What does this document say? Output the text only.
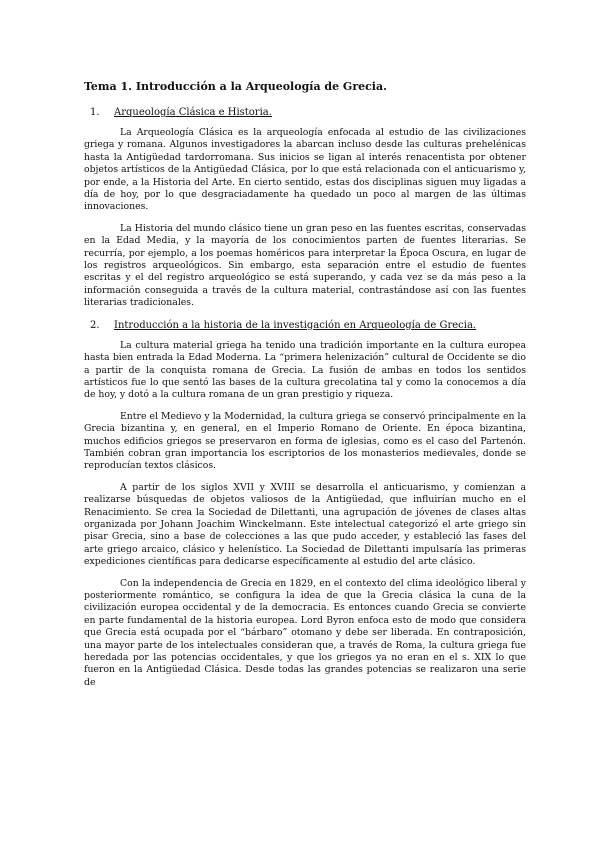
Tema 1. Introducción a la Arqueología de Grecia.
1.	Arqueología Clásica e Historia.

La Arqueología Clásica es la arqueología enfocada al estudio de las civilizaciones griega y romana. Algunos investigadores la abarcan incluso desde las culturas prehelénicas hasta la Antigüedad tardorromana. Sus inicios se ligan al interés renacentista por obtener objetos artísticos de la Antigüedad Clásica, por lo que está relacionada con el anticuarismo y, por ende, a la Historia del Arte. En cierto sentido, estas dos disciplinas siguen muy ligadas a día de hoy, por lo que desgraciadamente ha quedado un poco al margen de las últimas innovaciones.

La Historia del mundo clásico tiene un gran peso en las fuentes escritas, conservadas en la Edad Media, y la mayoría de los conocimientos parten de fuentes literarias. Se recurría, por ejemplo, a los poemas homéricos para interpretar la Época Oscura, en lugar de los registros arqueológicos. Sin embargo, esta separación entre el estudio de fuentes escritas y el del registro arqueológico se está superando, y cada vez se da más peso a la información conseguida a través de la cultura material, contrastándose así con las fuentes literarias tradicionales.

2.	Introducción a la historia de la investigación en Arqueología de Grecia.

La cultura material griega ha tenido una tradición importante en la cultura europea hasta bien entrada la Edad Moderna. La “primera helenización” cultural de Occidente se dio a partir de la conquista romana de Grecia. La fusión de ambas en todos los sentidos artísticos fue lo que sentó las bases de la cultura grecolatina tal y como la conocemos a día de hoy, y dotó a la cultura romana de un gran prestigio y riqueza.

Entre el Medievo y la Modernidad, la cultura griega se conservó principalmente en la Grecia bizantina y, en general, en el Imperio Romano de Oriente. En época bizantina, muchos edificios griegos se preservaron en forma de iglesias, como es el caso del Partenón. También cobran gran importancia los escriptorios de los monasterios medievales, donde se reproducían textos clásicos.

A partir de los siglos XVII y XVIII se desarrolla el anticuarismo, y comienzan a realizarse búsquedas de objetos valiosos de la Antigüedad, que influirían mucho en el Renacimiento. Se crea la Sociedad de Dilettanti, una agrupación de jóvenes de clases altas organizada por Johann Joachim Winckelmann. Este intelectual categorizó el arte griego sin pisar Grecia, sino a base de colecciones a las que pudo acceder, y estableció las fases del arte griego arcaico, clásico y helenístico. La Sociedad de Dilettanti impulsaría las primeras expediciones científicas para dedicarse específicamente al estudio del arte clásico.

Con la independencia de Grecia en 1829, en el contexto del clima ideológico liberal y posteriormente romántico, se configura la idea de que la Grecia clásica la cuna de la civilización europea occidental y de la democracia. Es entonces cuando Grecia se convierte en parte fundamental de la historia europea. Lord Byron enfoca esto de modo que considera que Grecia está ocupada por el “bárbaro” otomano y debe ser liberada. En contraposición, una mayor parte de los intelectuales consideran que, a través de Roma, la cultura griega fue heredada por las potencias occidentales, y que los griegos ya no eran en el s. XIX lo que fueron en la Antigüedad Clásica. Desde todas las grandes potencias se realizaron una serie de
